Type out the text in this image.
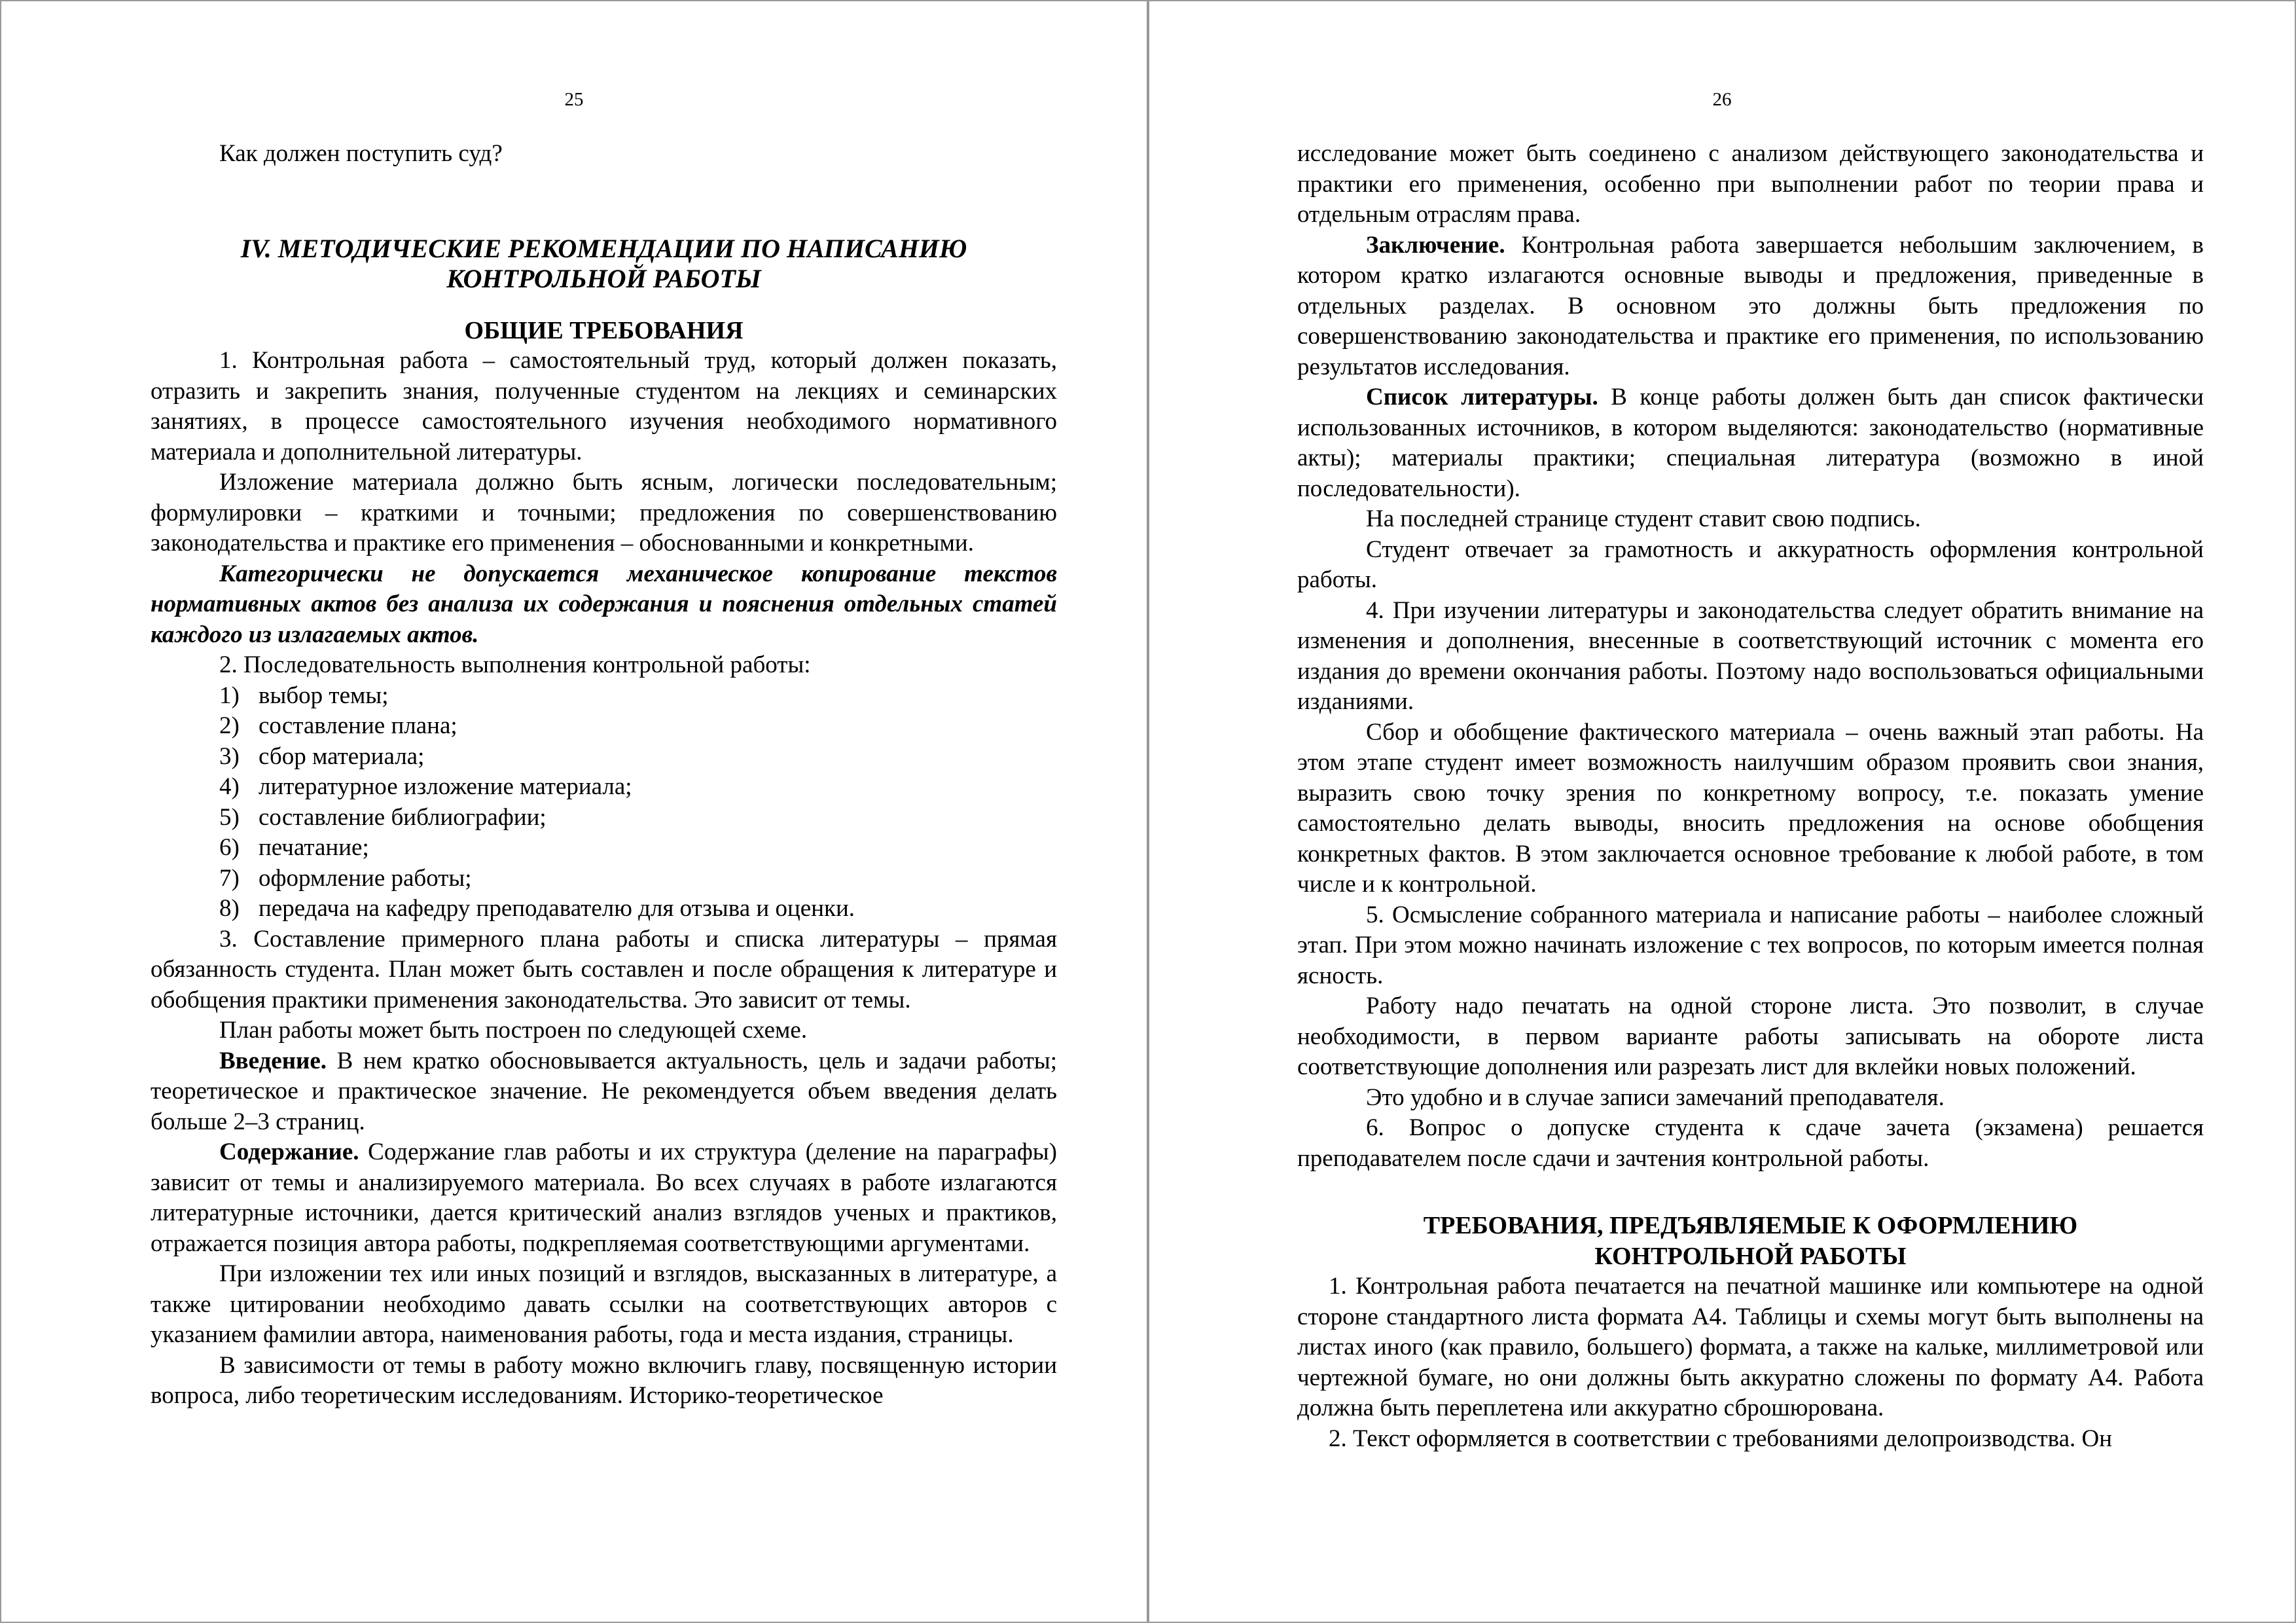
25

Как должен поступить суд?

IV. МЕТОДИЧЕСКИЕ РЕКОМЕНДАЦИИ ПО НАПИСАНИЮ
КОНТРОЛЬНОЙ РАБОТЫ
ОБЩИЕ ТРЕБОВАНИЯ

1. Контрольная работа – самостоятельный труд, который должен показать, отразить и закрепить знания, полученные студентом на лекциях и семинарских занятиях, в процессе самостоятельного изучения необходимого нормативного материала и дополнительной литературы.

Изложение материала должно быть ясным, логически последовательным; формулировки – краткими и точными; предложения по совершенствованию законодательства и практике его применения – обоснованными и конкретными.

Категорически не допускается механическое копирование текстов нормативных актов без анализа их содержания и пояснения отдельных статей каждого из излагаемых актов.

2. Последовательность выполнения контрольной работы:

1) выбор темы;

2) составление плана;

3) сбор материала;

4) литературное изложение материала;

5) составление библиографии;

6) печатание;

7) оформление работы;

8) передача на кафедру преподавателю для отзыва и оценки.

3. Составление примерного плана работы и списка литературы – прямая обязанность студента. План может быть составлен и после обращения к литературе и обобщения практики применения законодательства. Это зависит от темы.

План работы может быть построен по следующей схеме.

Введение. В нем кратко обосновывается актуальность, цель и задачи работы; теоретическое и практическое значение. Не рекомендуется объем введения делать больше 2–3 страниц.

Содержание. Содержание глав работы и их структура (деление на параграфы) зависит от темы и анализируемого материала. Во всех случаях в работе излагаются литературные источники, дается критический анализ взглядов ученых и практиков, отражается позиция автора работы, подкрепляемая соответствующими аргументами.

При изложении тех или иных позиций и взглядов, высказанных в литературе, а также цитировании необходимо давать ссылки на соответствующих авторов с указанием фамилии автора, наименования работы, года и места издания, страницы.

В зависимости от темы в работу можно включигь главу, посвященную истории вопроса, либо теоретическим исследованиям. Историко-теоретическое

26

исследование может быть соединено с анализом действующего законодательства и практики его применения, особенно при выполнении работ по теории права и отдельным отраслям права.

Заключение. Контрольная работа завершается небольшим заключением, в котором кратко излагаются основные выводы и предложения, приведенные в отдельных разделах. В основном это должны быть предложения по совершенствованию законодательства и практике его применения, по использованию результатов исследования.

Список литературы. В конце работы должен быть дан список фактически использованных источников, в котором выделяются: законодательство (нормативные акты); материалы практики; специальная литература (возможно в иной последовательности).

На последней странице студент ставит свою подпись.

Студент отвечает за грамотность и аккуратность оформления контрольной работы.

4. При изучении литературы и законодательства следует обратить внимание на изменения и дополнения, внесенные в соответствующий источник с момента его издания до времени окончания работы. Поэтому надо воспользоваться официальными изданиями.

Сбор и обобщение фактического материала – очень важный этап работы. На этом этапе студент имеет возможность наилучшим образом проявить свои знания, выразить свою точку зрения по конкретному вопросу, т.е. показать умение самостоятельно делать выводы, вносить предложения на основе обобщения конкретных фактов. В этом заключается основное требование к любой работе, в том числе и к контрольной.

5. Осмысление собранного материала и написание работы – наиболее сложный этап. При этом можно начинать изложение с тех вопросов, по которым имеется полная ясность.

Работу надо печатать на одной стороне листа. Это позволит, в случае необходимости, в первом варианте работы записывать на обороте листа соответствующие дополнения или разрезать лист для вклейки новых положений.

Это удобно и в случае записи замечаний преподавателя.

6. Вопрос о допуске студента к сдаче зачета (экзамена) решается преподавателем после сдачи и зачтения контрольной работы.

ТРЕБОВАНИЯ, ПРЕДЪЯВЛЯЕМЫЕ К ОФОРМЛЕНИЮ
КОНТРОЛЬНОЙ РАБОТЫ

1. Контрольная работа печатается на печатной машинке или компьютере на одной стороне стандартного листа формата А4. Таблицы и схемы могут быть выполнены на листах иного (как правило, большего) формата, а также на кальке, миллиметровой или чертежной бумаге, но они должны быть аккуратно сложены по формату А4. Работа должна быть переплетена или аккуратно сброшюрована.

2. Текст оформляется в соответствии с требованиями делопроизводства. Он
